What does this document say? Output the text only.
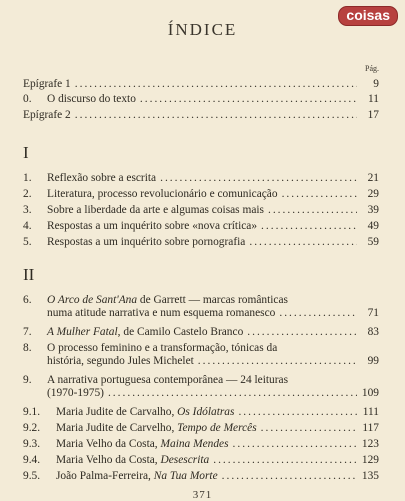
ÍNDICE
coisas
Pág.
Epígrafe 1 .....	9
0.	O discurso do texto .....	11
Epígrafe 2 .....	17
I
1.	Reflexão sobre a escrita .....	21
2.	Literatura, processo revolucionário e comunicação .....	29
3.	Sobre a liberdade da arte e algumas coisas mais .....	39
4.	Respostas a um inquérito sobre «nova crítica» .....	49
5.	Respostas a um inquérito sobre pornografia .....	59
II
6.	O Arco de Sant'Ana de Garrett — marcas românticas
numa atitude narrativa e num esquema romanesco .....	71
7.	A Mulher Fatal, de Camilo Castelo Branco .....	83
8.	O processo feminino e a transformação, tónicas da
história, segundo Jules Michelet .....	99
9.	A narrativa portuguesa contemporânea — 24 leituras
(1970-1975) .....	109
9.1.	Maria Judite de Carvalho, Os Idólatras .....	111
9.2.	Maria Judite de Carvelho, Tempo de Mercês .....	117
9.3.	Maria Velho da Costa, Maina Mendes .....	123
9.4.	Maria Velho da Costa, Desescrita .....	129
9.5.	João Palma-Ferreira, Na Tua Morte .....	135
371
